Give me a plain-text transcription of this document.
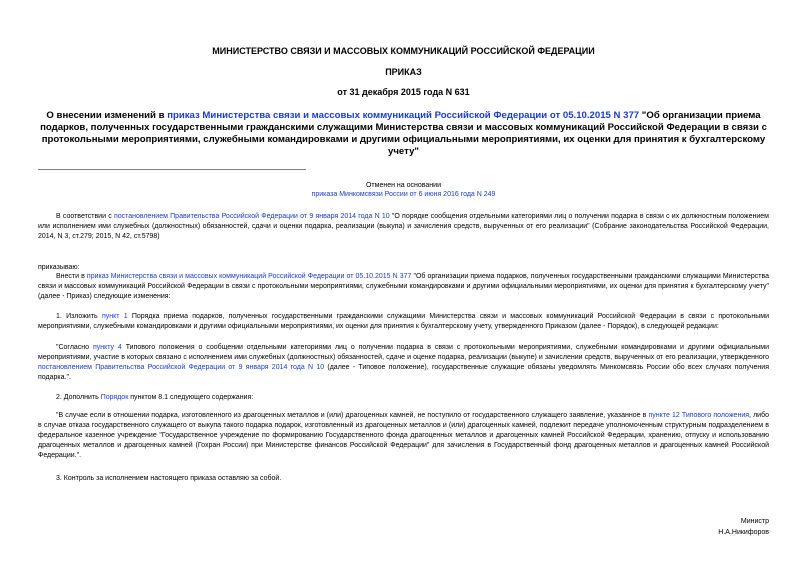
МИНИСТЕРСТВО СВЯЗИ И МАССОВЫХ КОММУНИКАЦИЙ РОССИЙСКОЙ ФЕДЕРАЦИИ
ПРИКАЗ
от 31 декабря 2015 года N 631
О внесении изменений в приказ Министерства связи и массовых коммуникаций Российской Федерации от 05.10.2015 N 377 "Об организации приема подарков, полученных государственными гражданскими служащими Министерства связи и массовых коммуникаций Российской Федерации в связи с протокольными мероприятиями, служебными командировками и другими официальными мероприятиями, их оценки для принятия к бухгалтерскому учету"
Отменен на основании
приказа Минкомсвязи России от 6 июня 2016 года N 249
В соответствии с постановлением Правительства Российской Федерации от 9 января 2014 года N 10 "О порядке сообщения отдельными категориями лиц о получении подарка в связи с их должностным положением или исполнением ими служебных (должностных) обязанностей, сдачи и оценки подарка, реализации (выкупа) и зачисления средств, вырученных от его реализации" (Собрание законодательства Российской Федерации, 2014, N 3, ст.279; 2015, N 42, ст.5798)
приказываю:
Внести в приказ Министерства связи и массовых коммуникаций Российской Федерации от 05.10.2015 N 377 "Об организации приема подарков, полученных государственными гражданскими служащими Министерства связи и массовых коммуникаций Российской Федерации в связи с протокольными мероприятиями, служебными командировками и другими официальными мероприятиями, их оценки для принятия к бухгалтерскому учету" (далее - Приказ) следующие изменения:
1. Изложить пункт 1 Порядка приема подарков, полученных государственными гражданскими служащими Министерства связи и массовых коммуникаций Российской Федерации в связи с протокольными мероприятиями, служебными командировками и другими официальными мероприятиями, их оценки для принятия к бухгалтерскому учету, утвержденного Приказом (далее - Порядок), в следующей редакции:
"Согласно пункту 4 Типового положения о сообщении отдельными категориями лиц о получении подарка в связи с протокольными мероприятиями, служебными командировками и другими официальными мероприятиями, участие в которых связано с исполнением ими служебных (должностных) обязанностей, сдаче и оценке подарка, реализации (выкупе) и зачислении средств, вырученных от его реализации, утвержденного постановлением Правительства Российской Федерации от 9 января 2014 года N 10 (далее - Типовое положение), государственные служащие обязаны уведомлять Минкомсвязь России обо всех случаях получения подарка.".
2. Дополнить Порядок пунктом 8.1 следующего содержания:
"В случае если в отношении подарка, изготовленного из драгоценных металлов и (или) драгоценных камней, не поступило от государственного служащего заявление, указанное в пункте 12 Типового положения, либо в случае отказа государственного служащего от выкупа такого подарка подарок, изготовленный из драгоценных металлов и (или) драгоценных камней, подлежит передаче уполномоченным структурным подразделением в федеральное казенное учреждение "Государственное учреждение по формированию Государственного фонда драгоценных металлов и драгоценных камней Российской Федерации, хранению, отпуску и использованию драгоценных металлов и драгоценных камней (Гохран России) при Министерстве финансов Российской Федерации" для зачисления в Государственный фонд драгоценных металлов и драгоценных камней Российской Федерации.".
3. Контроль за исполнением настоящего приказа оставляю за собой.
Министр
Н.А.Никифоров
